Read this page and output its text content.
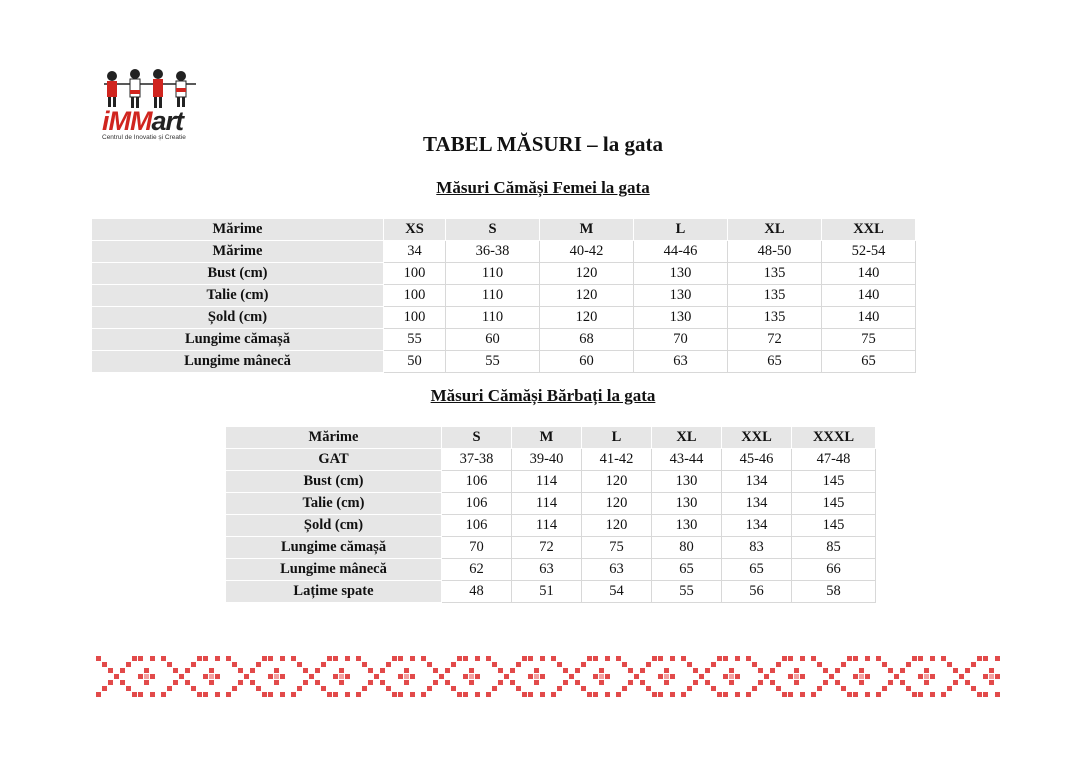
iMMart
Centrul de Inovatie și Creatie	TABEL MĂSURI – la gata
Măsuri Cămăși Femei la gata
Mărime	XS	S	M	L	XL	XXL
Mărime	34	36-38	40-42	44-46	48-50	52-54
Bust (cm)	100	110	120	130	135	140
Talie (cm)	100	110	120	130	135	140
Șold (cm)	100	110	120	130	135	140
Lungime cămașă	55	60	68	70	72	75
Lungime mânecă	50	55	60	63	65	65
Măsuri Cămăși Bărbați la gata
Mărime	S	M	L	XL	XXL	XXXL
GAT	37-38	39-40	41-42	43-44	45-46	47-48
Bust (cm)	106	114	120	130	134	145
Talie (cm)	106	114	120	130	134	145
Șold (cm)	106	114	120	130	134	145
Lungime cămașă	70	72	75	80	83	85
Lungime mânecă	62	63	63	65	65	66
Lațime spate	48	51	54	55	56	58
